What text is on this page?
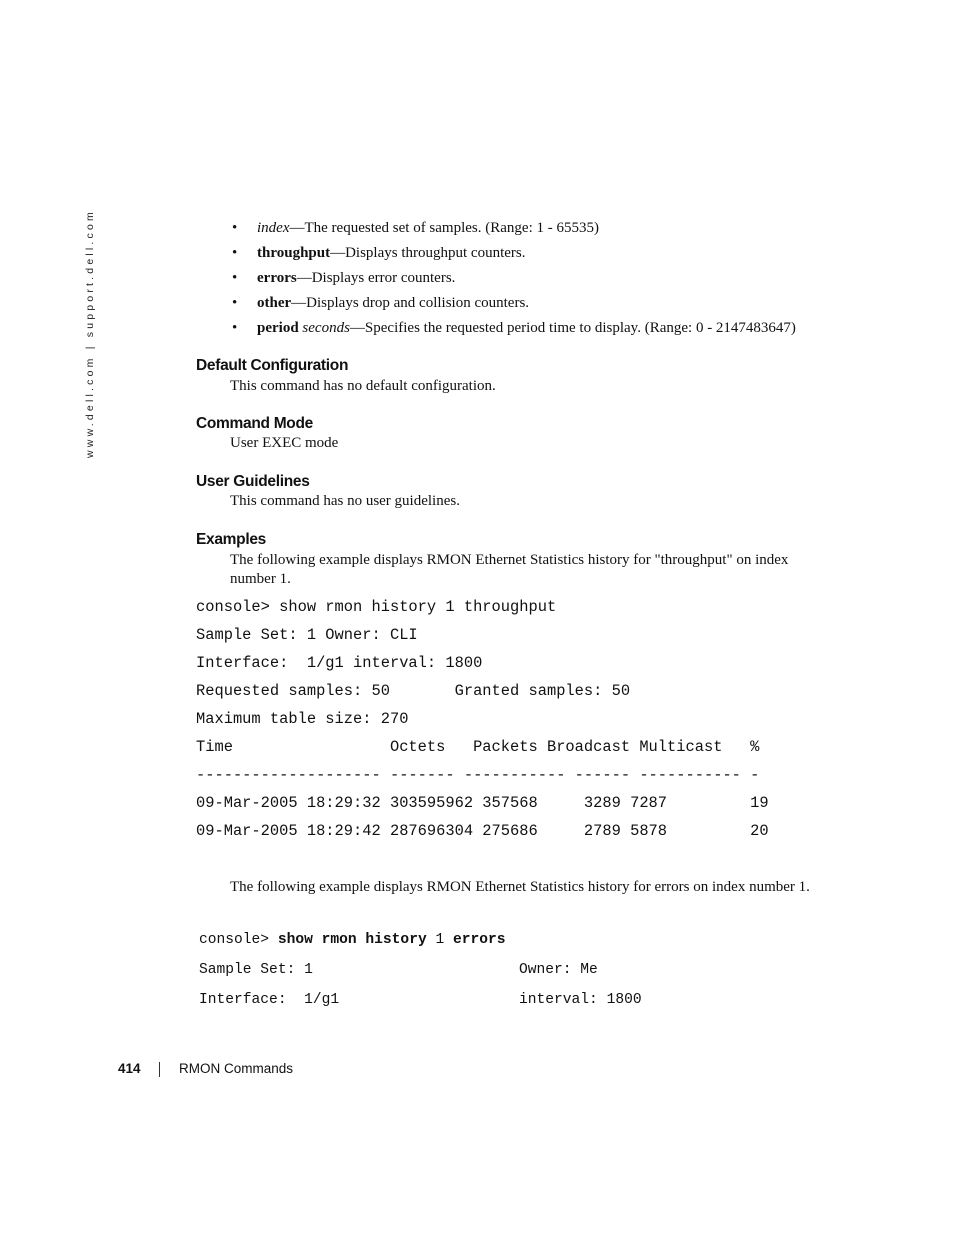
www.dell.com | support.dell.com	• index—The requested set of samples. (Range: 1 - 65535)
• throughput—Displays throughput counters.
• errors—Displays error counters.
• other—Displays drop and collision counters.
• period seconds—Specifies the requested period time to display. (Range: 0 - 2147483647)
Default Configuration
This command has no default configuration.
Command Mode
User EXEC mode
User Guidelines
This command has no user guidelines.
Examples
The following example displays RMON Ethernet Statistics history for "throughput" on index number 1.
console> show rmon history 1 throughput
Sample Set: 1 Owner: CLI
Interface:  1/g1 interval: 1800
Requested samples: 50       Granted samples: 50
Maximum table size: 270
Time                 Octets   Packets Broadcast Multicast   %
-------------------- ------- ----------- ------ ----------- -
09-Mar-2005 18:29:32 303595962 357568     3289 7287         19
09-Mar-2005 18:29:42 287696304 275686     2789 5878         20
The following example displays RMON Ethernet Statistics history for errors on index number 1.
console> show rmon history 1 errors
Sample Set: 1	Owner: Me
Interface:  1/g1	interval: 1800
414	RMON Commands
